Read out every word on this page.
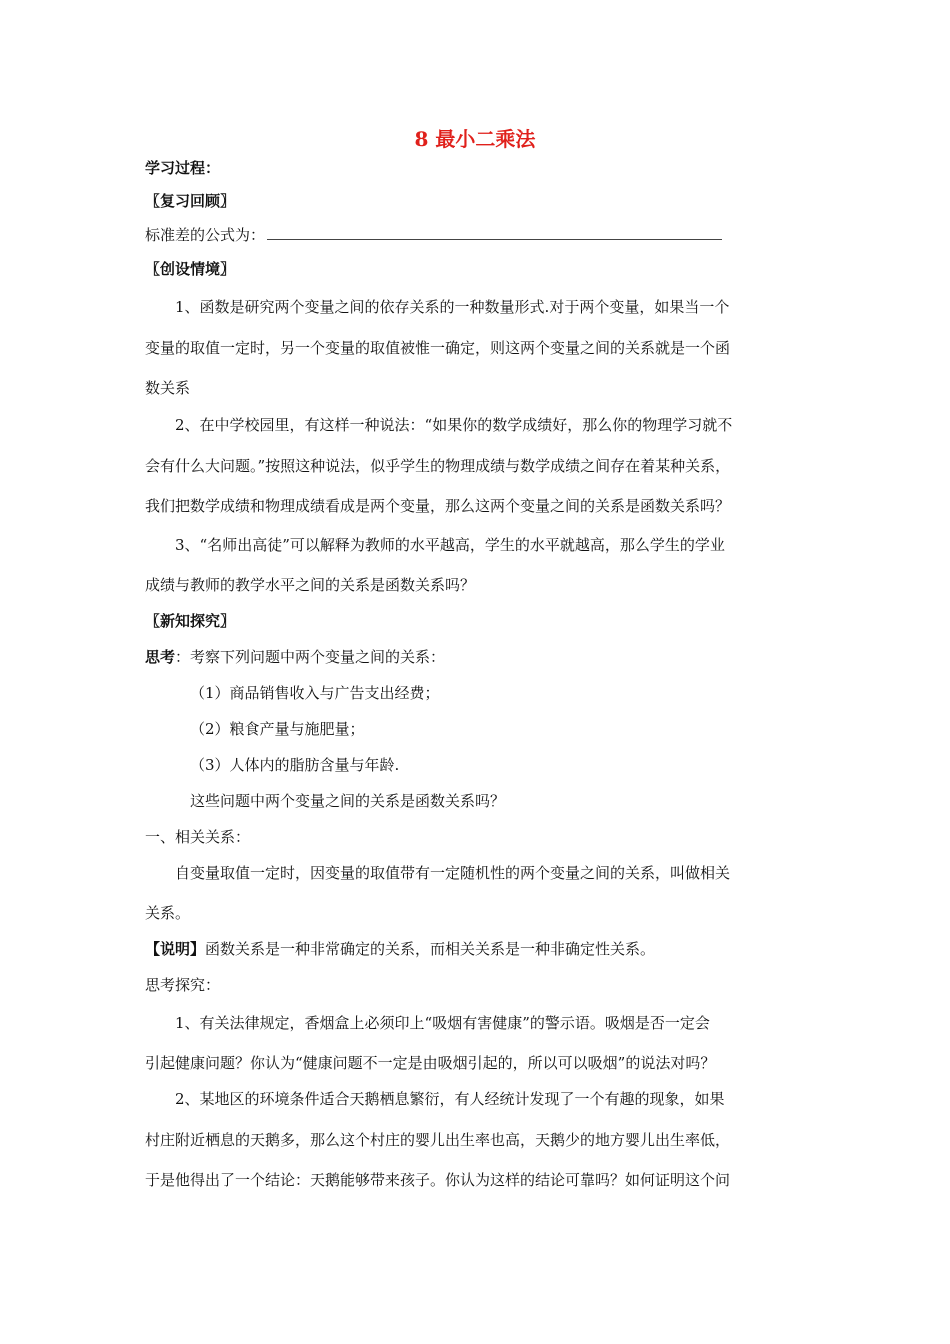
8 最小二乘法
学习过程：
〖复习回顾〗
标准差的公式为：
〖创设情境〗
1、函数是研究两个变量之间的依存关系的一种数量形式.对于两个变量，如果当一个
变量的取值一定时，另一个变量的取值被惟一确定，则这两个变量之间的关系就是一个函
数关系
2、在中学校园里，有这样一种说法：“如果你的数学成绩好，那么你的物理学习就不
会有什么大问题。”按照这种说法，似乎学生的物理成绩与数学成绩之间存在着某种关系，
我们把数学成绩和物理成绩看成是两个变量，那么这两个变量之间的关系是函数关系吗？
3、“名师出高徒”可以解释为教师的水平越高，学生的水平就越高，那么学生的学业
成绩与教师的教学水平之间的关系是函数关系吗？
〖新知探究〗
思考：考察下列问题中两个变量之间的关系：
（1）商品销售收入与广告支出经费；
（2）粮食产量与施肥量；
（3）人体内的脂肪含量与年龄.
这些问题中两个变量之间的关系是函数关系吗？
一、相关关系：
自变量取值一定时，因变量的取值带有一定随机性的两个变量之间的关系，叫做相关
关系。
【说明】函数关系是一种非常确定的关系，而相关关系是一种非确定性关系。
思考探究：
1、有关法律规定，香烟盒上必须印上“吸烟有害健康”的警示语。吸烟是否一定会
引起健康问题？你认为“健康问题不一定是由吸烟引起的，所以可以吸烟”的说法对吗？
2、某地区的环境条件适合天鹅栖息繁衍，有人经统计发现了一个有趣的现象，如果
村庄附近栖息的天鹅多，那么这个村庄的婴儿出生率也高，天鹅少的地方婴儿出生率低，
于是他得出了一个结论：天鹅能够带来孩子。你认为这样的结论可靠吗？如何证明这个问
